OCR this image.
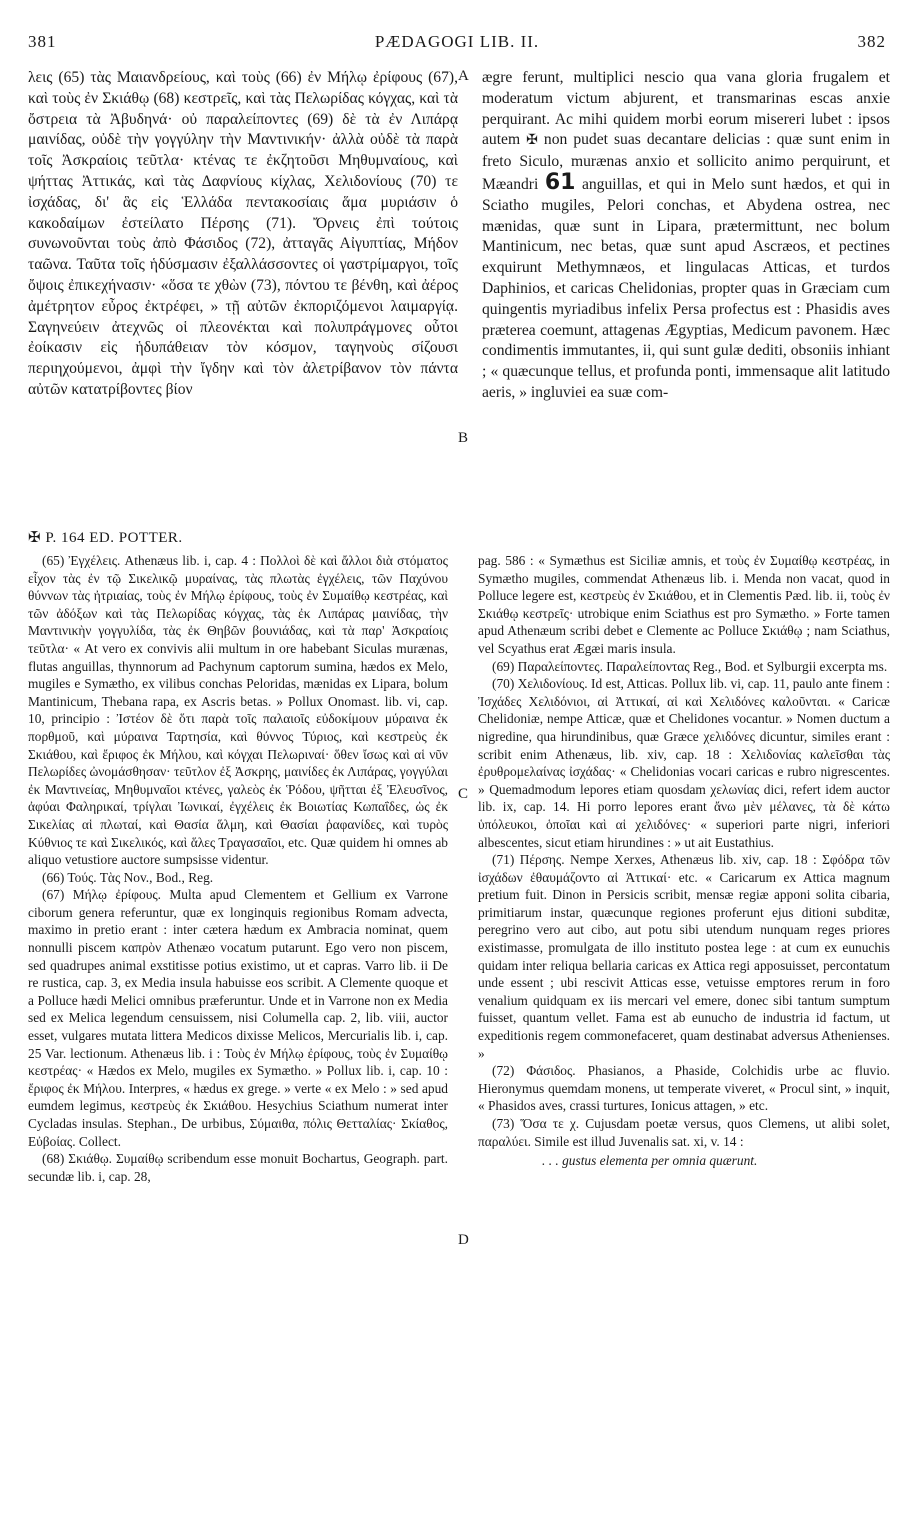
381	PÆDAGOGI LIB. II.	382

λεις (65) τὰς Μαιανδρείους, καὶ τοὺς (66) ἐν Μήλῳ ἐρίφους (67), καὶ τοὺς ἐν Σκιάθῳ (68) κεστρεῖς, καὶ τὰς Πελωρίδας κόγχας, καὶ τὰ ὄστρεια τὰ Ἀβυδηνά· οὐ παραλείποντες (69) δὲ τὰ ἐν Λιπάρᾳ μαινίδας, οὐδὲ τὴν γογγύλην τὴν Μαντινικήν· ἀλλὰ οὐδὲ τὰ παρὰ τοῖς Ἀσκραίοις τεῦτλα· κτένας τε ἐκζητοῦσι Μηθυμναίους, καὶ ψήττας Ἀττικάς, καὶ τὰς Δαφνίους κίχλας, Χελιδονίους (70) τε ἰσχάδας, δι' ἃς εἰς Ἑλλάδα πεντακοσίαις ἅμα μυριάσιν ὁ κακοδαίμων ἐστείλατο Πέρσης (71). Ὄρνεις ἐπὶ τούτοις συνωνοῦνται τοὺς ἀπὸ Φάσιδος (72), ἀτταγᾶς Αἰγυπτίας, Μήδον ταῶνα. Ταῦτα τοῖς ἡδύσμασιν ἐξαλλάσσοντες οἱ γαστρίμαργοι, τοῖς ὄψοις ἐπικεχήνασιν· «ὅσα τε χθὼν (73), πόντου τε βένθη, καὶ ἀέρος ἀμέτρητον εὖρος ἐκτρέφει, » τῇ αὐτῶν ἐκποριζόμενοι λαιμαργίᾳ. Σαγηνεύειν ἀτεχνῶς οἱ πλεονέκται καὶ πολυπράγμονες οὗτοι ἐοίκασιν εἰς ἡδυπάθειαν τὸν κόσμον, ταγηνοὺς σίζουσι περιηχούμενοι, ἀμφὶ τὴν ἴγδην καὶ τὸν ἀλετρίβανον τὸν πάντα αὐτῶν κατατρίβοντες βίον

A
B
C
D

ægre ferunt, multiplici nescio qua vana gloria frugalem et moderatum victum abjurent, et transmarinas escas anxie perquirant. Ac mihi quidem morbi eorum misereri lubet : ipsos autem ✠ non pudet suas decantare delicias : quæ sunt enim in freto Siculo, murænas anxio et sollicito animo perquirunt, et Mæandri 61 anguillas, et qui in Melo sunt hædos, et qui in Sciatho mugiles, Pelori conchas, et Abydena ostrea, nec mænidas, quæ sunt in Lipara, prætermittunt, nec bolum Mantinicum, nec betas, quæ sunt apud Ascræos, et pectines exquirunt Methymnæos, et lingulacas Atticas, et turdos Daphinios, et caricas Chelidonias, propter quas in Græciam cum quingentis myriadibus infelix Persa profectus est : Phasidis aves præterea coemunt, attagenas Ægyptias, Medicum pavonem. Hæc condimentis immutantes, ii, qui sunt gulæ dediti, obsoniis inhiant ; « quæcunque tellus, et profunda ponti, immensaque alit latitudo aeris, » ingluviei ea suæ com-

✠ P. 164 ED. POTTER.

(65) Ἐγχέλεις. Athenæus lib. i, cap. 4 : Πολλοὶ δὲ καὶ ἄλλοι διὰ στόματος εἶχον τὰς ἐν τῷ Σικελικῷ μυραίνας, τὰς πλωτὰς ἐγχέλεις, τῶν Παχύνου θύννων τὰς ἠτριαίας, τοὺς ἐν Μήλῳ ἐρίφους, τοὺς ἐν Συμαίθῳ κεστρέας, καὶ τῶν ἀδόξων καὶ τὰς Πελωρίδας κόγχας, τὰς ἐκ Λιπάρας μαινίδας, τὴν Μαντινικὴν γογγυλίδα, τὰς ἐκ Θηβῶν βουνιάδας, καὶ τὰ παρ' Ἀσκραίοις τεῦτλα· « At vero ex convivis alii multum in ore habebant Siculas murænas, flutas anguillas, thynnorum ad Pachynum captorum sumina, hædos ex Melo, mugiles e Symætho, ex vilibus conchas Peloridas, mænidas ex Lipara, bolum Mantinicum, Thebana rapa, ex Ascris betas. » Pollux Onomast. lib. vi, cap. 10, principio : Ἰστέον δὲ ὅτι παρὰ τοῖς παλαιοῖς εὐδοκίμουν μύραινα ἐκ πορθμοῦ, καὶ μύραινα Ταρτησία, καὶ θύννος Τύριος, καὶ κεστρεὺς ἐκ Σκιάθου, καὶ ἔριφος ἐκ Μήλου, καὶ κόγχαι Πελωριναί· ὅθεν ἴσως καὶ αἱ νῦν Πελωρίδες ὠνομάσθησαν· τεῦτλον ἐξ Ἀσκρης, μαινίδες ἐκ Λιπάρας, γογγύλαι ἐκ Μαντινείας, Μηθυμναῖοι κτένες, γαλεὸς ἐκ Ῥόδου, ψῆτται ἐξ Ἐλευσῖνος, ἀφύαι Φαληρικαί, τρίγλαι Ἰωνικαί, ἐγχέλεις ἐκ Βοιωτίας Κωπαΐδες, ὡς ἐκ Σικελίας αἱ πλωταί, καὶ Θασία ἅλμη, καὶ Θασίαι ῥαφανίδες, καὶ τυρὸς Κύθνιος τε καὶ Σικελικός, καὶ ἅλες Τραγασαῖοι, etc. Quæ quidem hi omnes ab aliquo vetustiore auctore sumpsisse videntur.

(66) Τούς. Τὰς Nov., Bod., Reg.

(67) Μήλῳ ἐρίφους. Multa apud Clementem et Gellium ex Varrone ciborum genera referuntur, quæ ex longinquis regionibus Romam advecta, maximo in pretio erant : inter cætera hædum ex Ambracia nominat, quem nonnulli piscem καπρὸν Athenæo vocatum putarunt. Ego vero non piscem, sed quadrupes animal exstitisse potius existimo, ut et capras. Varro lib. ii De re rustica, cap. 3, ex Media insula habuisse eos scribit. A Clemente quoque et a Polluce hædi Melici omnibus præferuntur. Unde et in Varrone non ex Media sed ex Melica legendum censuissem, nisi Columella cap. 2, lib. viii, auctor esset, vulgares mutata littera Medicos dixisse Melicos, Mercurialis lib. i, cap. 25 Var. lectionum. Athenæus lib. i : Τοὺς ἐν Μήλῳ ἐρίφους, τοὺς ἐν Συμαίθῳ κεστρέας· « Hædos ex Melo, mugiles ex Symætho. » Pollux lib. i, cap. 10 : ἔριφος ἐκ Μήλου. Interpres, « hædus ex grege. » verte « ex Melo : » sed apud eumdem legimus, κεστρεὺς ἐκ Σκιάθου. Hesychius Sciathum numerat inter Cycladas insulas. Stephan., De urbibus, Σύμαιθα, πόλις Θετταλίας· Σκίαθος, Εὐβοίας. Collect.

(68) Σκιάθῳ. Συμαίθῳ scribendum esse monuit Bochartus, Geograph. part. secundæ lib. i, cap. 28,

pag. 586 : « Symæthus est Siciliæ amnis, et τοὺς ἐν Συμαίθῳ κεστρέας, in Symætho mugiles, commendat Athenæus lib. i. Menda non vacat, quod in Polluce legere est, κεστρεὺς ἐν Σκιάθου, et in Clementis Pæd. lib. ii, τοὺς ἐν Σκιάθῳ κεστρεῖς· utrobique enim Sciathus est pro Symætho. » Forte tamen apud Athenæum scribi debet e Clemente ac Polluce Σκιάθῳ ; nam Sciathus, vel Scyathus erat Ægæi maris insula.

(69) Παραλείποντες. Παραλείποντας Reg., Bod. et Sylburgii excerpta ms.

(70) Χελιδονίους. Id est, Atticas. Pollux lib. vi, cap. 11, paulo ante finem : Ἰσχάδες Χελιδόνιοι, αἱ Ἀττικαί, αἱ καὶ Χελιδόνες καλοῦνται. « Caricæ Chelidoniæ, nempe Atticæ, quæ et Chelidones vocantur. » Nomen ductum a nigredine, qua hirundinibus, quæ Græce χελιδόνες dicuntur, similes erant : scribit enim Athenæus, lib. xiv, cap. 18 : Χελιδονίας καλεῖσθαι τὰς ἐρυθρομελαίνας ἰσχάδας· « Chelidonias vocari caricas e rubro nigrescentes. » Quemadmodum lepores etiam quosdam χελωνίας dici, refert idem auctor lib. ix, cap. 14. Hi porro lepores erant ἄνω μὲν μέλανες, τὰ δὲ κάτω ὑπόλευκοι, ὁποῖαι καὶ αἱ χελιδόνες· « superiori parte nigri, inferiori albescentes, sicut etiam hirundines : » ut ait Eustathius.

(71) Πέρσης. Nempe Xerxes, Athenæus lib. xiv, cap. 18 : Σφόδρα τῶν ἰσχάδων ἐθαυμάζοντο αἱ Ἀττικαί· etc. « Caricarum ex Attica magnum pretium fuit. Dinon in Persicis scribit, mensæ regiæ apponi solita cibaria, primitiarum instar, quæcunque regiones proferunt ejus ditioni subditæ, peregrino vero aut cibo, aut potu sibi utendum nunquam reges priores existimasse, promulgata de illo instituto postea lege : at cum ex eunuchis quidam inter reliqua bellaria caricas ex Attica regi apposuisset, percontatum unde essent ; ubi rescivit Atticas esse, vetuisse emptores rerum in foro venalium quidquam ex iis mercari vel emere, donec sibi tantum sumptum fuisset, quantum vellet. Fama est ab eunucho de industria id factum, ut expeditionis regem commonefaceret, quam destinabat adversus Athenienses. »

(72) Φάσιδος. Phasianos, a Phaside, Colchidis urbe ac fluvio. Hieronymus quemdam monens, ut temperate viveret, « Procul sint, » inquit, « Phasidos aves, crassi turtures, Ionicus attagen, » etc.

(73) Ὅσα τε χ. Cujusdam poetæ versus, quos Clemens, ut alibi solet, παραλύει. Simile est illud Juvenalis sat. xi, v. 14 :

. . . gustus elementa per omnia quærunt.
